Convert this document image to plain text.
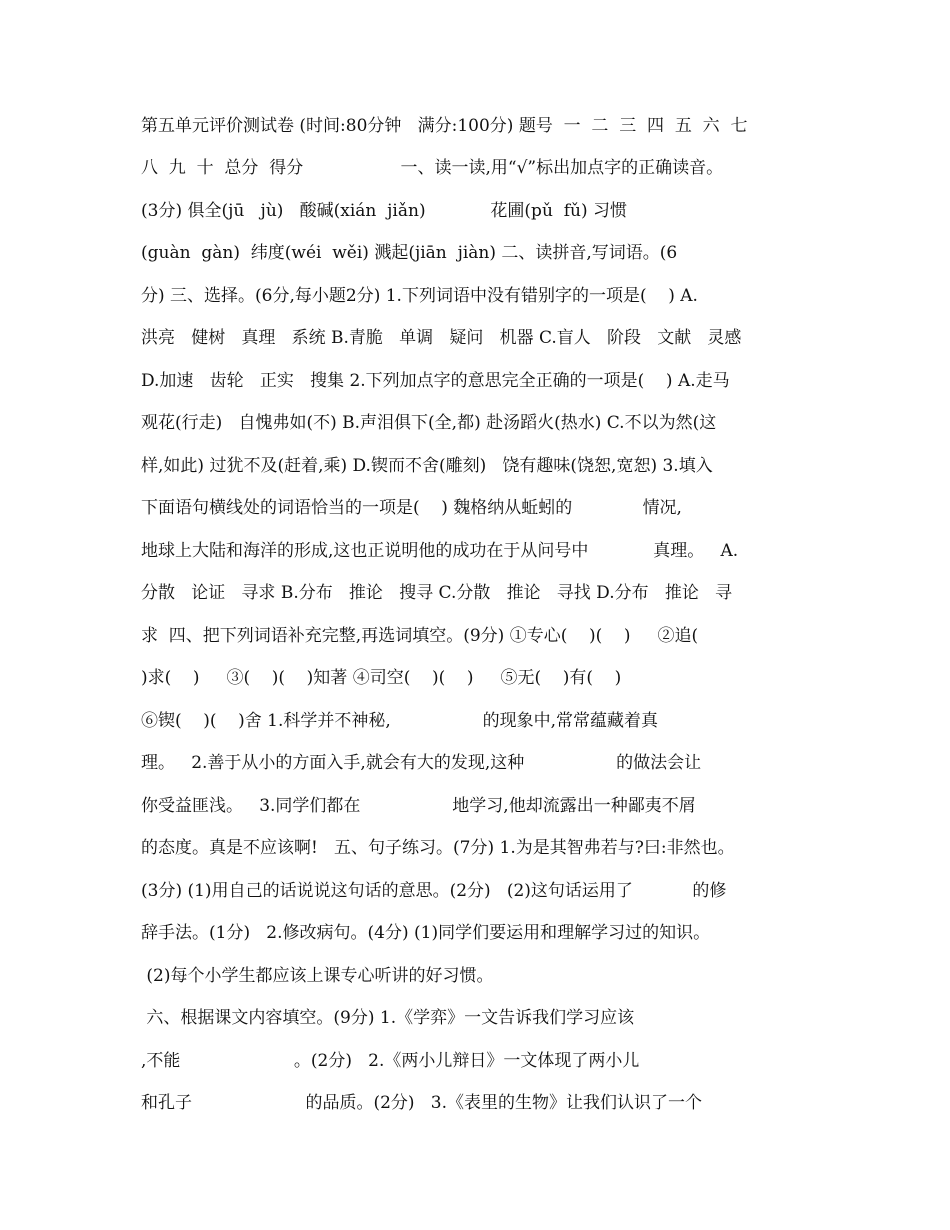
第五单元评价测试卷 (时间:80分钟   满分:100分) 题号  一  二  三  四  五  六  七
八  九  十  总分  得分                  一、读一读,用“√”标出加点字的正确读音。
(3分) 俱全(jū   jù)   酸碱(xián  jiǎn)            花圃(pǔ  fǔ) 习惯
(guàn  gàn)  纬度(wéi  wěi) 溅起(jiān  jiàn) 二、读拼音,写词语。(6
分) 三、选择。(6分,每小题2分) 1.下列词语中没有错别字的一项是(    ) A.
洪亮   健树   真理   系统 B.青脆   单调   疑问   机器 C.盲人   阶段   文献   灵感
D.加速   齿轮   正实   搜集 2.下列加点字的意思完全正确的一项是(    ) A.走马
观花(行走)   自愧弗如(不) B.声泪俱下(全,都) 赴汤蹈火(热水) C.不以为然(这
样,如此) 过犹不及(赶着,乘) D.锲而不舍(雕刻)   饶有趣味(饶恕,宽恕) 3.填入
下面语句横线处的词语恰当的一项是(    ) 魏格纳从蚯蚓的             情况,
地球上大陆和海洋的形成,这也正说明他的成功在于从问号中            真理。   A.
分散   论证   寻求 B.分布   推论   搜寻 C.分散   推论   寻找 D.分布   推论   寻
求  四、把下列词语补充完整,再选词填空。(9分) ①专心(    )(    )     ②追(
)求(    )     ③(    )(    )知著 ④司空(    )(    )     ⑤无(    )有(    )
⑥锲(    )(    )舍 1.科学并不神秘,                 的现象中,常常蕴藏着真
理。   2.善于从小的方面入手,就会有大的发现,这种                 的做法会让
你受益匪浅。   3.同学们都在                 地学习,他却流露出一种鄙夷不屑
的态度。真是不应该啊!   五、句子练习。(7分) 1.为是其智弗若与?曰:非然也。
(3分) (1)用自己的话说说这句话的意思。(2分)   (2)这句话运用了           的修
辞手法。(1分)   2.修改病句。(4分) (1)同学们要运用和理解学习过的知识。
(2)每个小学生都应该上课专心听讲的好习惯。
六、根据课文内容填空。(9分) 1.《学弈》一文告诉我们学习应该
,不能                     。(2分)   2.《两小儿辩日》一文体现了两小儿
和孔子                     的品质。(2分)   3.《表里的生物》让我们认识了一个
